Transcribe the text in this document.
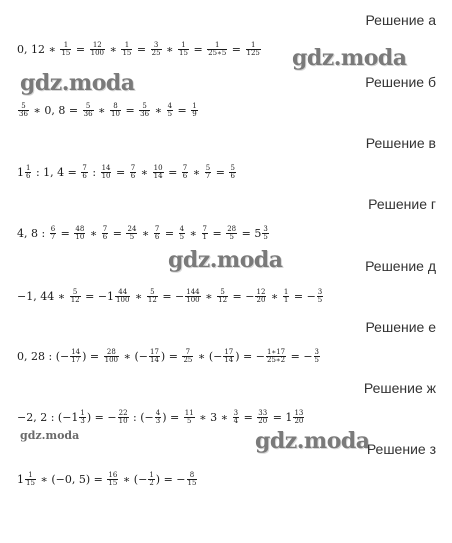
Решение а
0, 12 ∗ $\frac{1}{15} = \frac{12}{100}$ ∗ $\frac{1}{15} = \frac{3}{25}$ ∗ $\frac{1}{15} = \frac{1}{25∗5} = \frac{1}{125}$ gdz.moda
gdz.moda	Решение б
$\frac{5}{36}$ ∗ 0, $8 = \frac{5}{36}$ ∗ $\frac{8}{10} = \frac{5}{36}$ ∗ $\frac{4}{5} = \frac{1}{9}$
Решение в
$1 \frac{1}{6}$ : 1, $4 = \frac{7}{6}$ : $\frac{14}{10} = \frac{7}{6}$ ∗ $\frac{10}{14} = \frac{7}{6}$ ∗ $\frac{5}{7} = \frac{5}{6}$
Решение г
4, 8 : $\frac{6}{7} = \frac{48}{10}$ ∗ $\frac{7}{6} = \frac{24}{5}$ ∗ $\frac{7}{6} = \frac{4}{5}$ ∗ $\frac{7}{1} = \frac{28}{5} = 5 \frac{3}{5}$
gdz.moda	Решение д
−1, 44 ∗ $\frac{5}{12} = -1 \frac{44}{100}$ ∗ $\frac{5}{12}$ = − $\frac{144}{100}$ ∗ $\frac{5}{12}$ = − $\frac{12}{20}$ ∗ $\frac{1}{1}$ = − $\frac{3}{5}$
Решение е
0, 28 : (− $\frac{14}{17}$ ) = $\frac{28}{100}$ ∗ (− $\frac{17}{14}$ ) = $\frac{7}{25}$ ∗ (− $\frac{17}{14}$ ) = − $\frac{1∗17}{25∗2}$ = − $\frac{3}{5}$
Решение ж
−2, 2 : ($-1 \frac{1}{3}$ ) = − $\frac{22}{10}$ : (− $\frac{4}{3}$ ) = $\frac{11}{5}$ ∗ 3 ∗ $\frac{3}{4} = \frac{33}{20} = 1 \frac{13}{20}$
gdz.moda	gdz.moda
Решение з
$1 \frac{1}{15}$ ∗ (−0, $5) = \frac{16}{15}$ ∗ (− $\frac{1}{2}$ ) = − $\frac{8}{15}$
